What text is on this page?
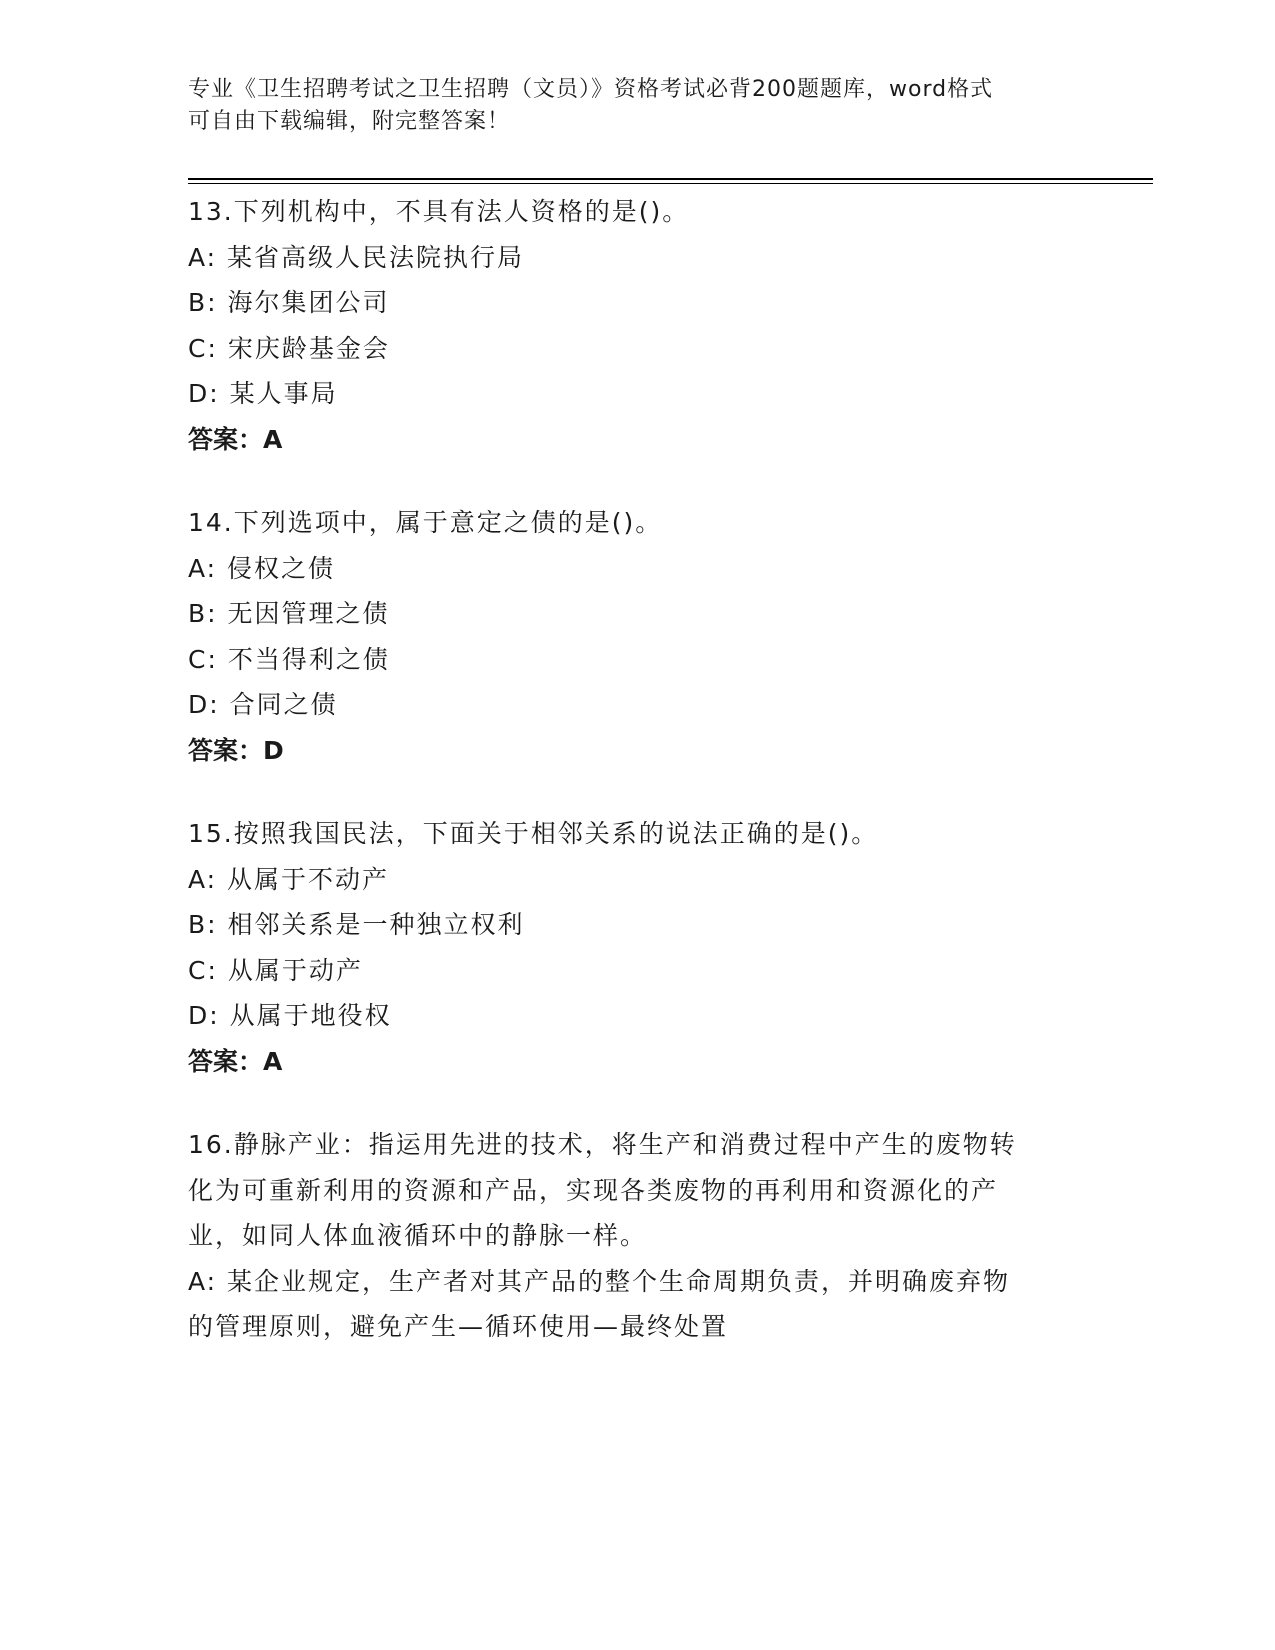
专业《卫生招聘考试之卫生招聘（文员）》资格考试必背200题题库，word格式
可自由下载编辑，附完整答案！
13.下列机构中，不具有法人资格的是()。
A: 某省高级人民法院执行局
B: 海尔集团公司
C: 宋庆龄基金会
D: 某人事局
答案：A
14.下列选项中，属于意定之债的是()。
A: 侵权之债
B: 无因管理之债
C: 不当得利之债
D: 合同之债
答案：D
15.按照我国民法，下面关于相邻关系的说法正确的是()。
A: 从属于不动产
B: 相邻关系是一种独立权利
C: 从属于动产
D: 从属于地役权
答案：A
16.静脉产业：指运用先进的技术，将生产和消费过程中产生的废物转
化为可重新利用的资源和产品，实现各类废物的再利用和资源化的产
业，如同人体血液循环中的静脉一样。
A: 某企业规定，生产者对其产品的整个生命周期负责，并明确废弃物
的管理原则，避免产生—循环使用—最终处置
